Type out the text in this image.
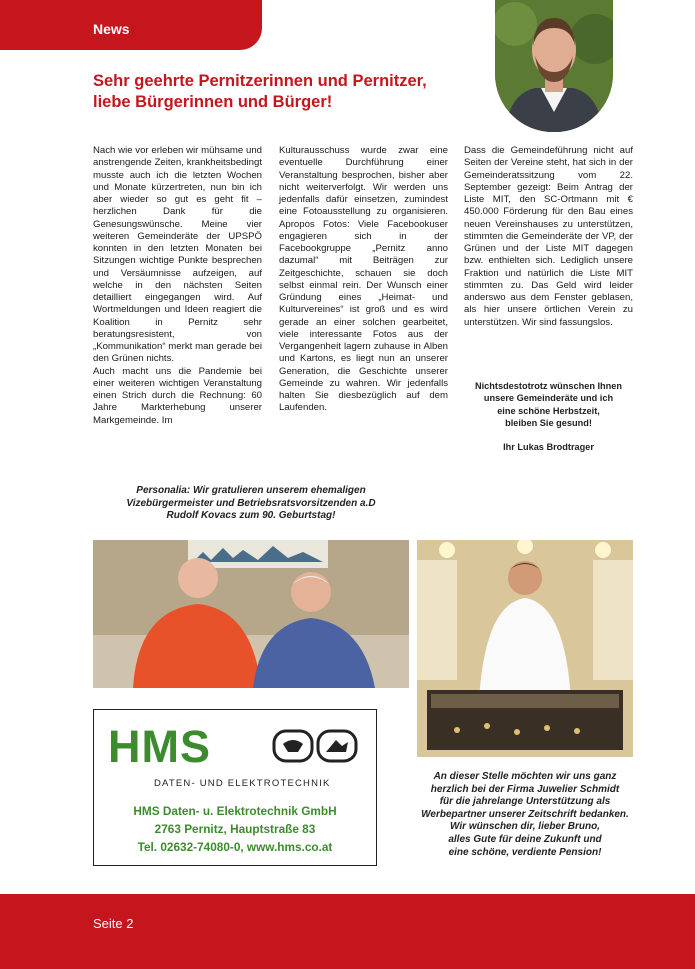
News
Sehr geehrte Pernitzerinnen und Pernitzer,
liebe Bürgerinnen und Bürger!

Nach wie vor erleben wir mühsame und anstrengende Zeiten, krankheitsbedingt musste auch ich die letzten Wochen und Monate kürzertreten, nun bin ich aber wieder so gut es geht fit – herzlichen Dank für die Genesungswünsche. Meine vier weiteren Gemeinderäte der UPSPÖ konnten in den letzten Monaten bei Sitzungen wichtige Punkte besprechen und Versäumnisse aufzeigen, auf welche in den nächsten Seiten detailliert eingegangen wird. Auf Wortmeldungen und Ideen reagiert die Koalition in Pernitz sehr beratungsresistent, von „Kommunikation“ merkt man gerade bei den Grünen nichts.

Auch macht uns die Pandemie bei einer weiteren wichtigen Veranstaltung einen Strich durch die Rechnung: 60 Jahre Markterhebung unserer Markgemeinde. Im

Kulturausschuss wurde zwar eine eventuelle Durchführung einer Veranstaltung besprochen, bisher aber nicht weiterverfolgt. Wir werden uns jedenfalls dafür einsetzen, zumindest eine Fotoausstellung zu organisieren. Apropos Fotos: Viele Facebookuser engagieren sich in der Facebookgruppe „Pernitz anno dazumal“ mit Beiträgen zur Zeitgeschichte, schauen sie doch selbst einmal rein. Der Wunsch einer Gründung eines „Heimat- und Kulturvereines“ ist groß und es wird gerade an einer solchen gearbeitet, viele interessante Fotos aus der Vergangenheit lagern zuhause in Alben und Kartons, es liegt nun an unserer Generation, die Geschichte unserer Gemeinde zu wahren. Wir jedenfalls halten Sie diesbezüglich auf dem Laufenden.

Dass die Gemeindeführung nicht auf Seiten der Vereine steht, hat sich in der Gemeinderatssitzung vom 22. September gezeigt: Beim Antrag der Liste MIT, den SC-Ortmann mit € 450.000 Förderung für den Bau eines neuen Vereinshauses zu unterstützen, stimmten die Gemeinderäte der VP, der Grünen und der Liste MIT dagegen bzw. enthielten sich. Lediglich unsere Fraktion und natürlich die Liste MIT stimmten zu. Das Geld wird leider anderswo aus dem Fenster geblasen, als hier unsere örtlichen Verein zu unterstützen. Wir sind fassungslos.

Nichtsdestotrotz wünschen Ihnen
unsere Gemeinderäte und ich
eine schöne Herbstzeit,
bleiben Sie gesund!
Ihr Lukas Brodtrager
Personalia: Wir gratulieren unserem ehemaligen
Vizebürgermeister und Betriebsratsvorsitzenden a.D
Rudolf Kovacs zum 90. Geburtstag!
HMS
DATEN- UND ELEKTROTECHNIK
HMS Daten- u. Elektrotechnik GmbH
2763 Pernitz, Hauptstraße 83
Tel. 02632-74080-0, www.hms.co.at
An dieser Stelle möchten wir uns ganz
herzlich bei der Firma Juwelier Schmidt
für die jahrelange Unterstützung als
Werbepartner unserer Zeitschrift bedanken.
Wir wünschen dir, lieber Bruno,
alles Gute für deine Zukunft und
eine schöne, verdiente Pension!
Seite 2
